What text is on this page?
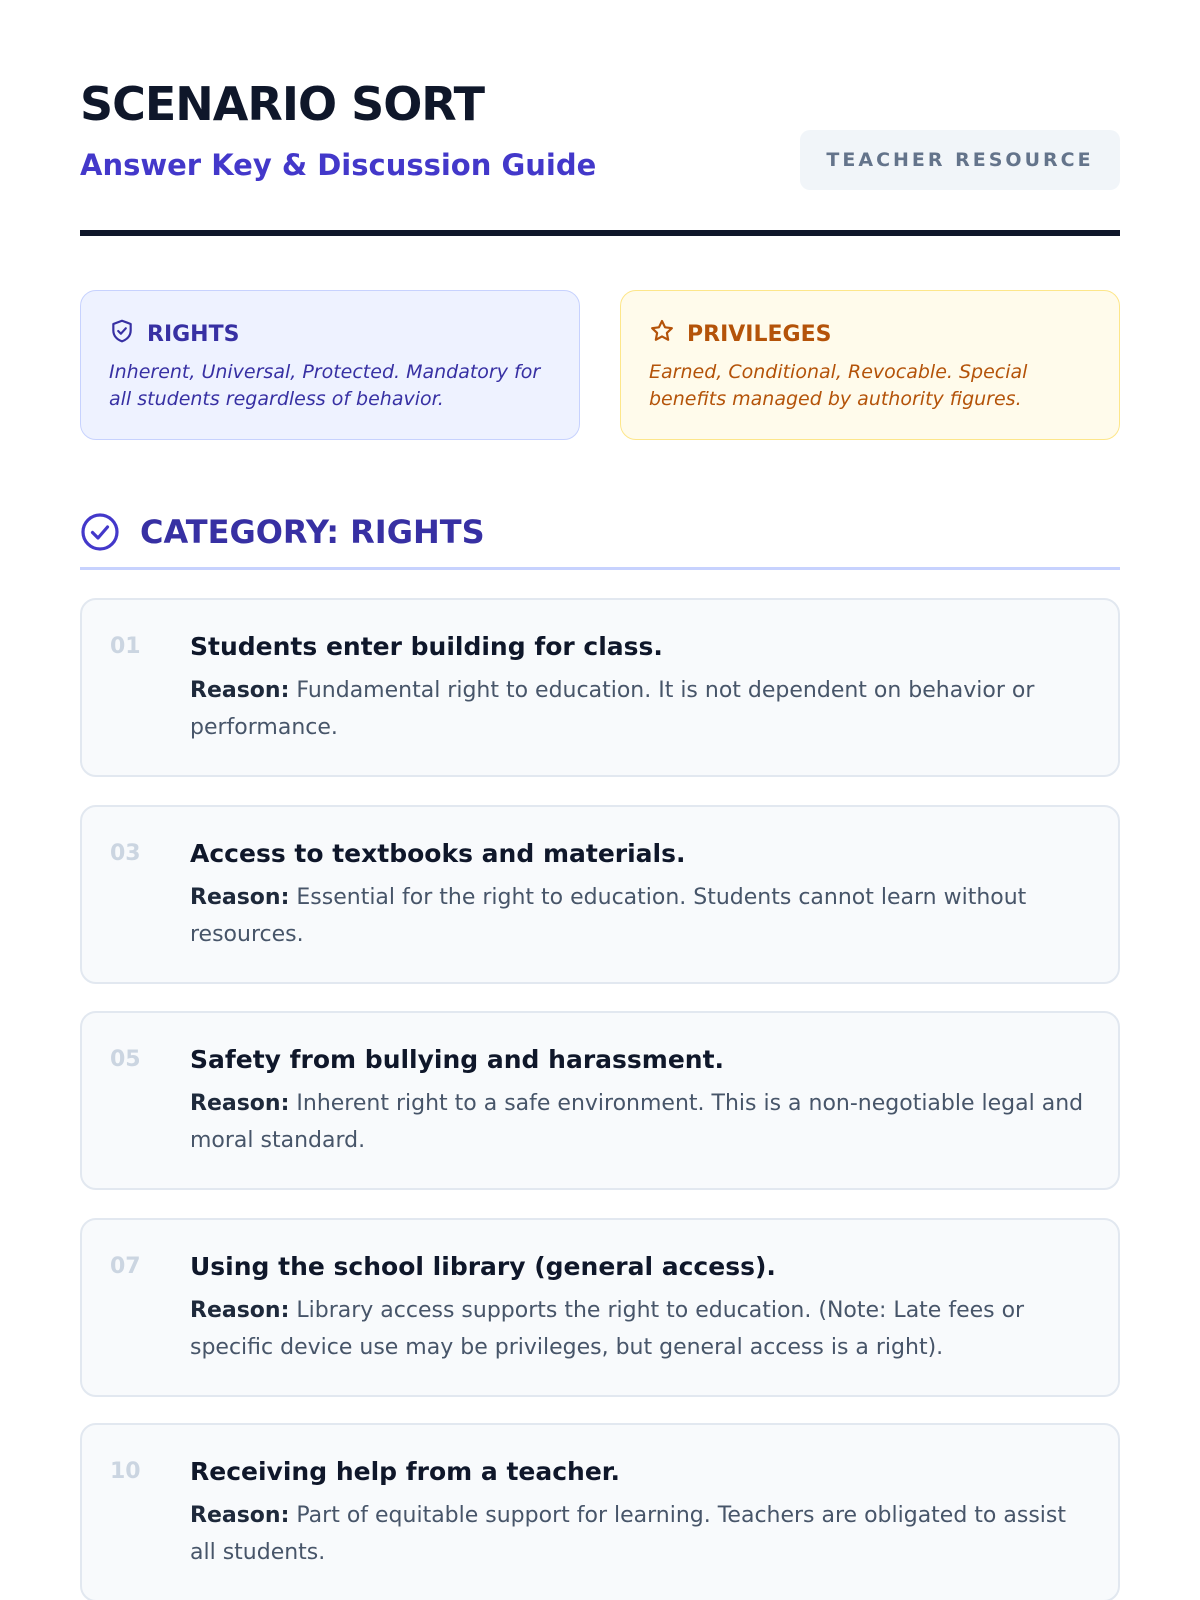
SCENARIO SORT
Answer Key & Discussion Guide	TEACHER RESOURCE
RIGHTS
Inherent, Universal, Protected. Mandatory for all students regardless of behavior.
PRIVILEGES
Earned, Conditional, Revocable. Special benefits managed by authority figures.
CATEGORY: RIGHTS
01 Students enter building for class.
Reason: Fundamental right to education. It is not dependent on behavior or performance.
03 Access to textbooks and materials.
Reason: Essential for the right to education. Students cannot learn without resources.
05 Safety from bullying and harassment.
Reason: Inherent right to a safe environment. This is a non-negotiable legal and moral standard.
07 Using the school library (general access).
Reason: Library access supports the right to education. (Note: Late fees or specific device use may be privileges, but general access is a right).
10 Receiving help from a teacher.
Reason: Part of equitable support for learning. Teachers are obligated to assist all students.
